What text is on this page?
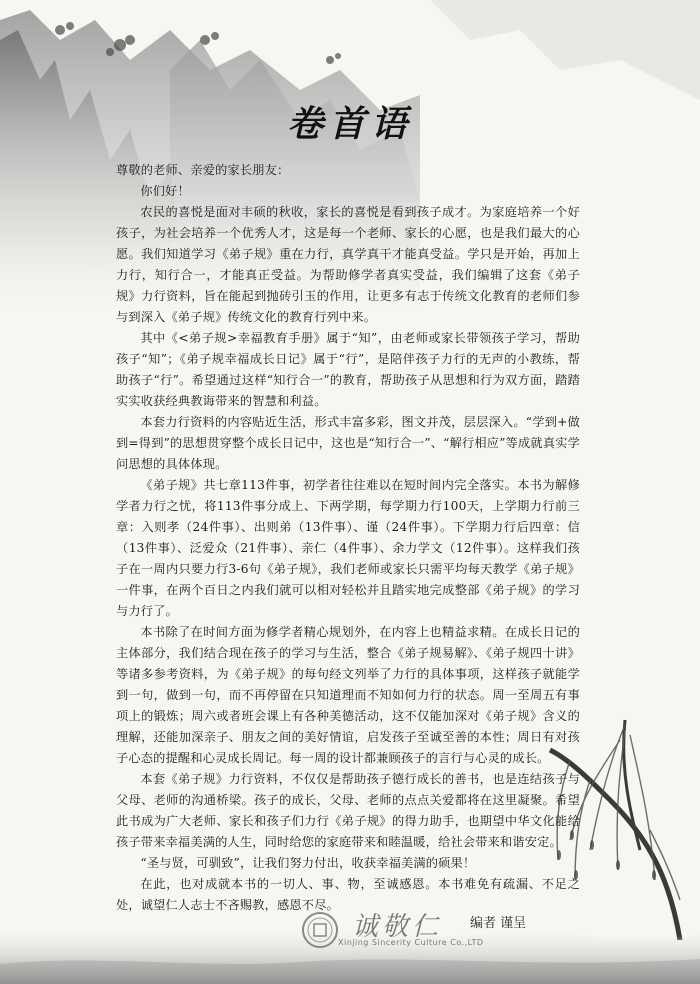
卷首语

尊敬的老师、亲爱的家长朋友：

你们好！

农民的喜悦是面对丰硕的秋收，家长的喜悦是看到孩子成才。为家庭培养一个好孩子，为社会培养一个优秀人才，这是每一个老师、家长的心愿，也是我们最大的心愿。我们知道学习《弟子规》重在力行，真学真干才能真受益。学只是开始，再加上力行，知行合一，才能真正受益。为帮助修学者真实受益，我们编辑了这套《弟子规》力行资料，旨在能起到抛砖引玉的作用，让更多有志于传统文化教育的老师们参与到深入《弟子规》传统文化的教育行列中来。

其中《<弟子规>幸福教育手册》属于“知”，由老师或家长带领孩子学习，帮助孩子“知”；《弟子规幸福成长日记》属于“行”，是陪伴孩子力行的无声的小教练，帮助孩子“行”。希望通过这样“知行合一”的教育，帮助孩子从思想和行为双方面，踏踏实实收获经典教诲带来的智慧和利益。

本套力行资料的内容贴近生活，形式丰富多彩，图文并茂，层层深入。“学到+做到=得到”的思想贯穿整个成长日记中，这也是“知行合一”、“解行相应”等成就真实学问思想的具体体现。

《弟子规》共七章113件事，初学者往往难以在短时间内完全落实。本书为解修学者力行之忧，将113件事分成上、下两学期，每学期力行100天，上学期力行前三章：入则孝（24件事）、出则弟（13件事）、谨（24件事）。下学期力行后四章：信（13件事）、泛爱众（21件事）、亲仁（4件事）、余力学文（12件事）。这样我们孩子在一周内只要力行3-6句《弟子规》，我们老师或家长只需平均每天教学《弟子规》一件事，在两个百日之内我们就可以相对轻松并且踏实地完成整部《弟子规》的学习与力行了。

本书除了在时间方面为修学者精心规划外，在内容上也精益求精。在成长日记的主体部分，我们结合现在孩子的学习与生活，整合《弟子规易解》、《弟子规四十讲》等诸多参考资料，为《弟子规》的每句经文列举了力行的具体事项，这样孩子就能学到一句，做到一句，而不再停留在只知道理而不知如何力行的状态。周一至周五有事项上的锻炼；周六或者班会课上有各种美德活动，这不仅能加深对《弟子规》含义的理解，还能加深亲子、朋友之间的美好情谊，启发孩子至诚至善的本性；周日有对孩子心态的提醒和心灵成长周记。每一周的设计都兼顾孩子的言行与心灵的成长。

本套《弟子规》力行资料，不仅仅是帮助孩子德行成长的善书，也是连结孩子与父母、老师的沟通桥梁。孩子的成长，父母、老师的点点关爱都将在这里凝聚。希望此书成为广大老师、家长和孩子们力行《弟子规》的得力助手，也期望中华文化能给孩子带来幸福美满的人生，同时给您的家庭带来和睦温暖，给社会带来和谐安定。

“圣与贤，可驯致”，让我们努力付出，收获幸福美满的硕果！

在此，也对成就本书的一切人、事、物，至诚感恩。本书难免有疏漏、不足之处，诚望仁人志士不吝赐教，感恩不尽。

诚敬仁 编者 谨呈
Xinjing Sincerity Culture Co.,LTD
